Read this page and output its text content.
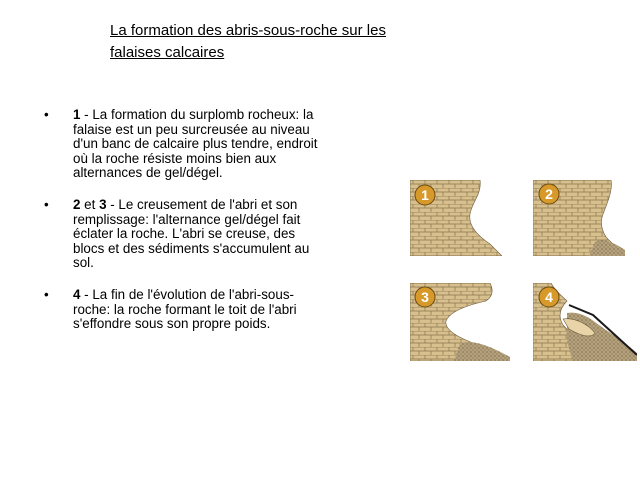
La formation des abris-sous-roche sur les
falaises calcaires
• 1 - La formation du surplomb rocheux: la falaise est un peu surcreusée au niveau d'un banc de calcaire plus tendre, endroit où la roche résiste moins bien aux alternances de gel/dégel.
• 2 et 3 - Le creusement de l'abri et son remplissage: l'alternance gel/dégel fait éclater la roche. L'abri se creuse, des blocs et des sédiments s'accumulent au sol.
• 4 - La fin de l'évolution de l'abri-sous-roche: la roche formant le toit de l'abri s'effondre sous son propre poids.
1	2
3	4
